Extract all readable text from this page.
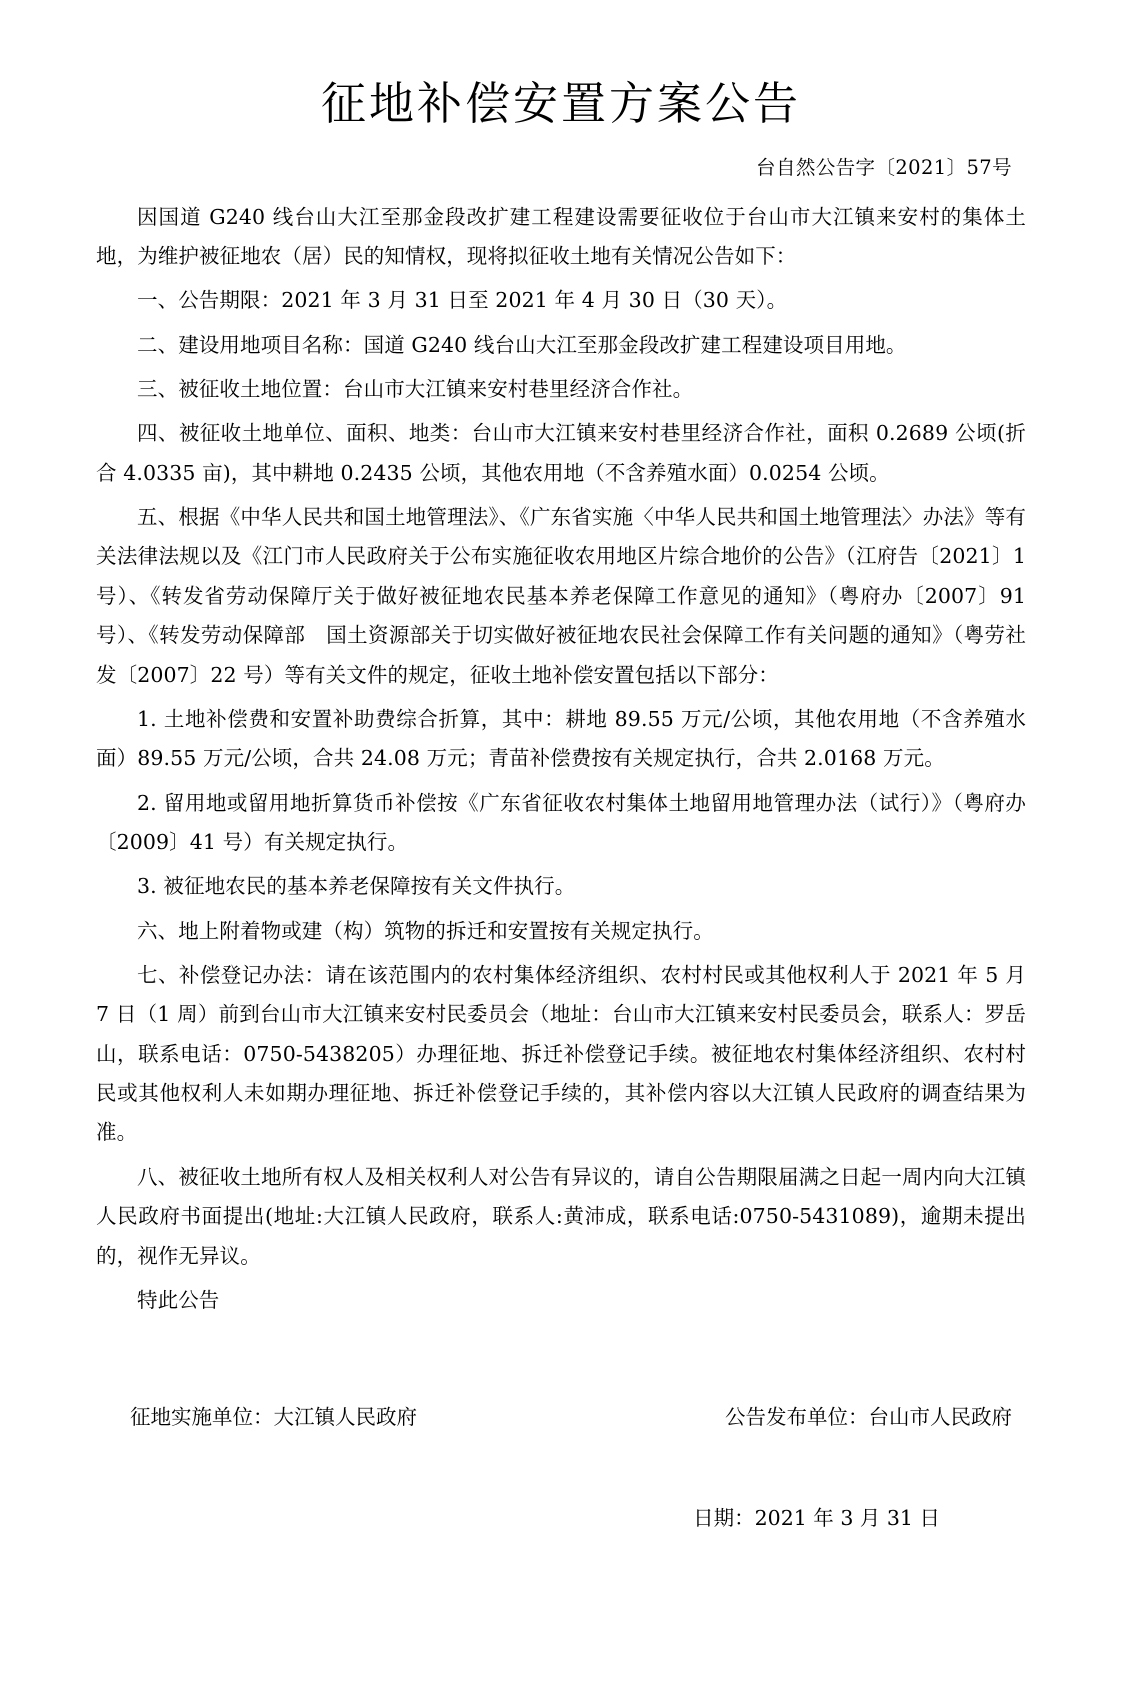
征地补偿安置方案公告
台自然公告字〔2021〕57号

因国道 G240 线台山大江至那金段改扩建工程建设需要征收位于台山市大江镇来安村的集体土地，为维护被征地农（居）民的知情权，现将拟征收土地有关情况公告如下：

一、公告期限：2021 年 3 月 31 日至 2021 年 4 月 30 日（30 天）。

二、建设用地项目名称：国道 G240 线台山大江至那金段改扩建工程建设项目用地。

三、被征收土地位置：台山市大江镇来安村巷里经济合作社。

四、被征收土地单位、面积、地类：台山市大江镇来安村巷里经济合作社，面积 0.2689 公顷(折合 4.0335 亩)，其中耕地 0.2435 公顷，其他农用地（不含养殖水面）0.0254 公顷。

五、根据《中华人民共和国土地管理法》、《广东省实施〈中华人民共和国土地管理法〉办法》等有关法律法规以及《江门市人民政府关于公布实施征收农用地区片综合地价的公告》（江府告〔2021〕1 号）、《转发省劳动保障厅关于做好被征地农民基本养老保障工作意见的通知》（粤府办〔2007〕91 号）、《转发劳动保障部　国土资源部关于切实做好被征地农民社会保障工作有关问题的通知》（粤劳社发〔2007〕22 号）等有关文件的规定，征收土地补偿安置包括以下部分：

1. 土地补偿费和安置补助费综合折算，其中：耕地 89.55 万元/公顷，其他农用地（不含养殖水面）89.55 万元/公顷，合共 24.08 万元；青苗补偿费按有关规定执行，合共 2.0168 万元。

2. 留用地或留用地折算货币补偿按《广东省征收农村集体土地留用地管理办法（试行）》（粤府办〔2009〕41 号）有关规定执行。

3. 被征地农民的基本养老保障按有关文件执行。

六、地上附着物或建（构）筑物的拆迁和安置按有关规定执行。

七、补偿登记办法：请在该范围内的农村集体经济组织、农村村民或其他权利人于 2021 年 5 月 7 日（1 周）前到台山市大江镇来安村民委员会（地址：台山市大江镇来安村民委员会，联系人：罗岳山，联系电话：0750-5438205）办理征地、拆迁补偿登记手续。被征地农村集体经济组织、农村村民或其他权利人未如期办理征地、拆迁补偿登记手续的，其补偿内容以大江镇人民政府的调查结果为准。

八、被征收土地所有权人及相关权利人对公告有异议的，请自公告期限届满之日起一周内向大江镇人民政府书面提出(地址:大江镇人民政府，联系人:黄沛成，联系电话:0750-5431089)，逾期未提出的，视作无异议。

特此公告

征地实施单位：大江镇人民政府	公告发布单位：台山市人民政府
日期：2021 年 3 月 31 日
